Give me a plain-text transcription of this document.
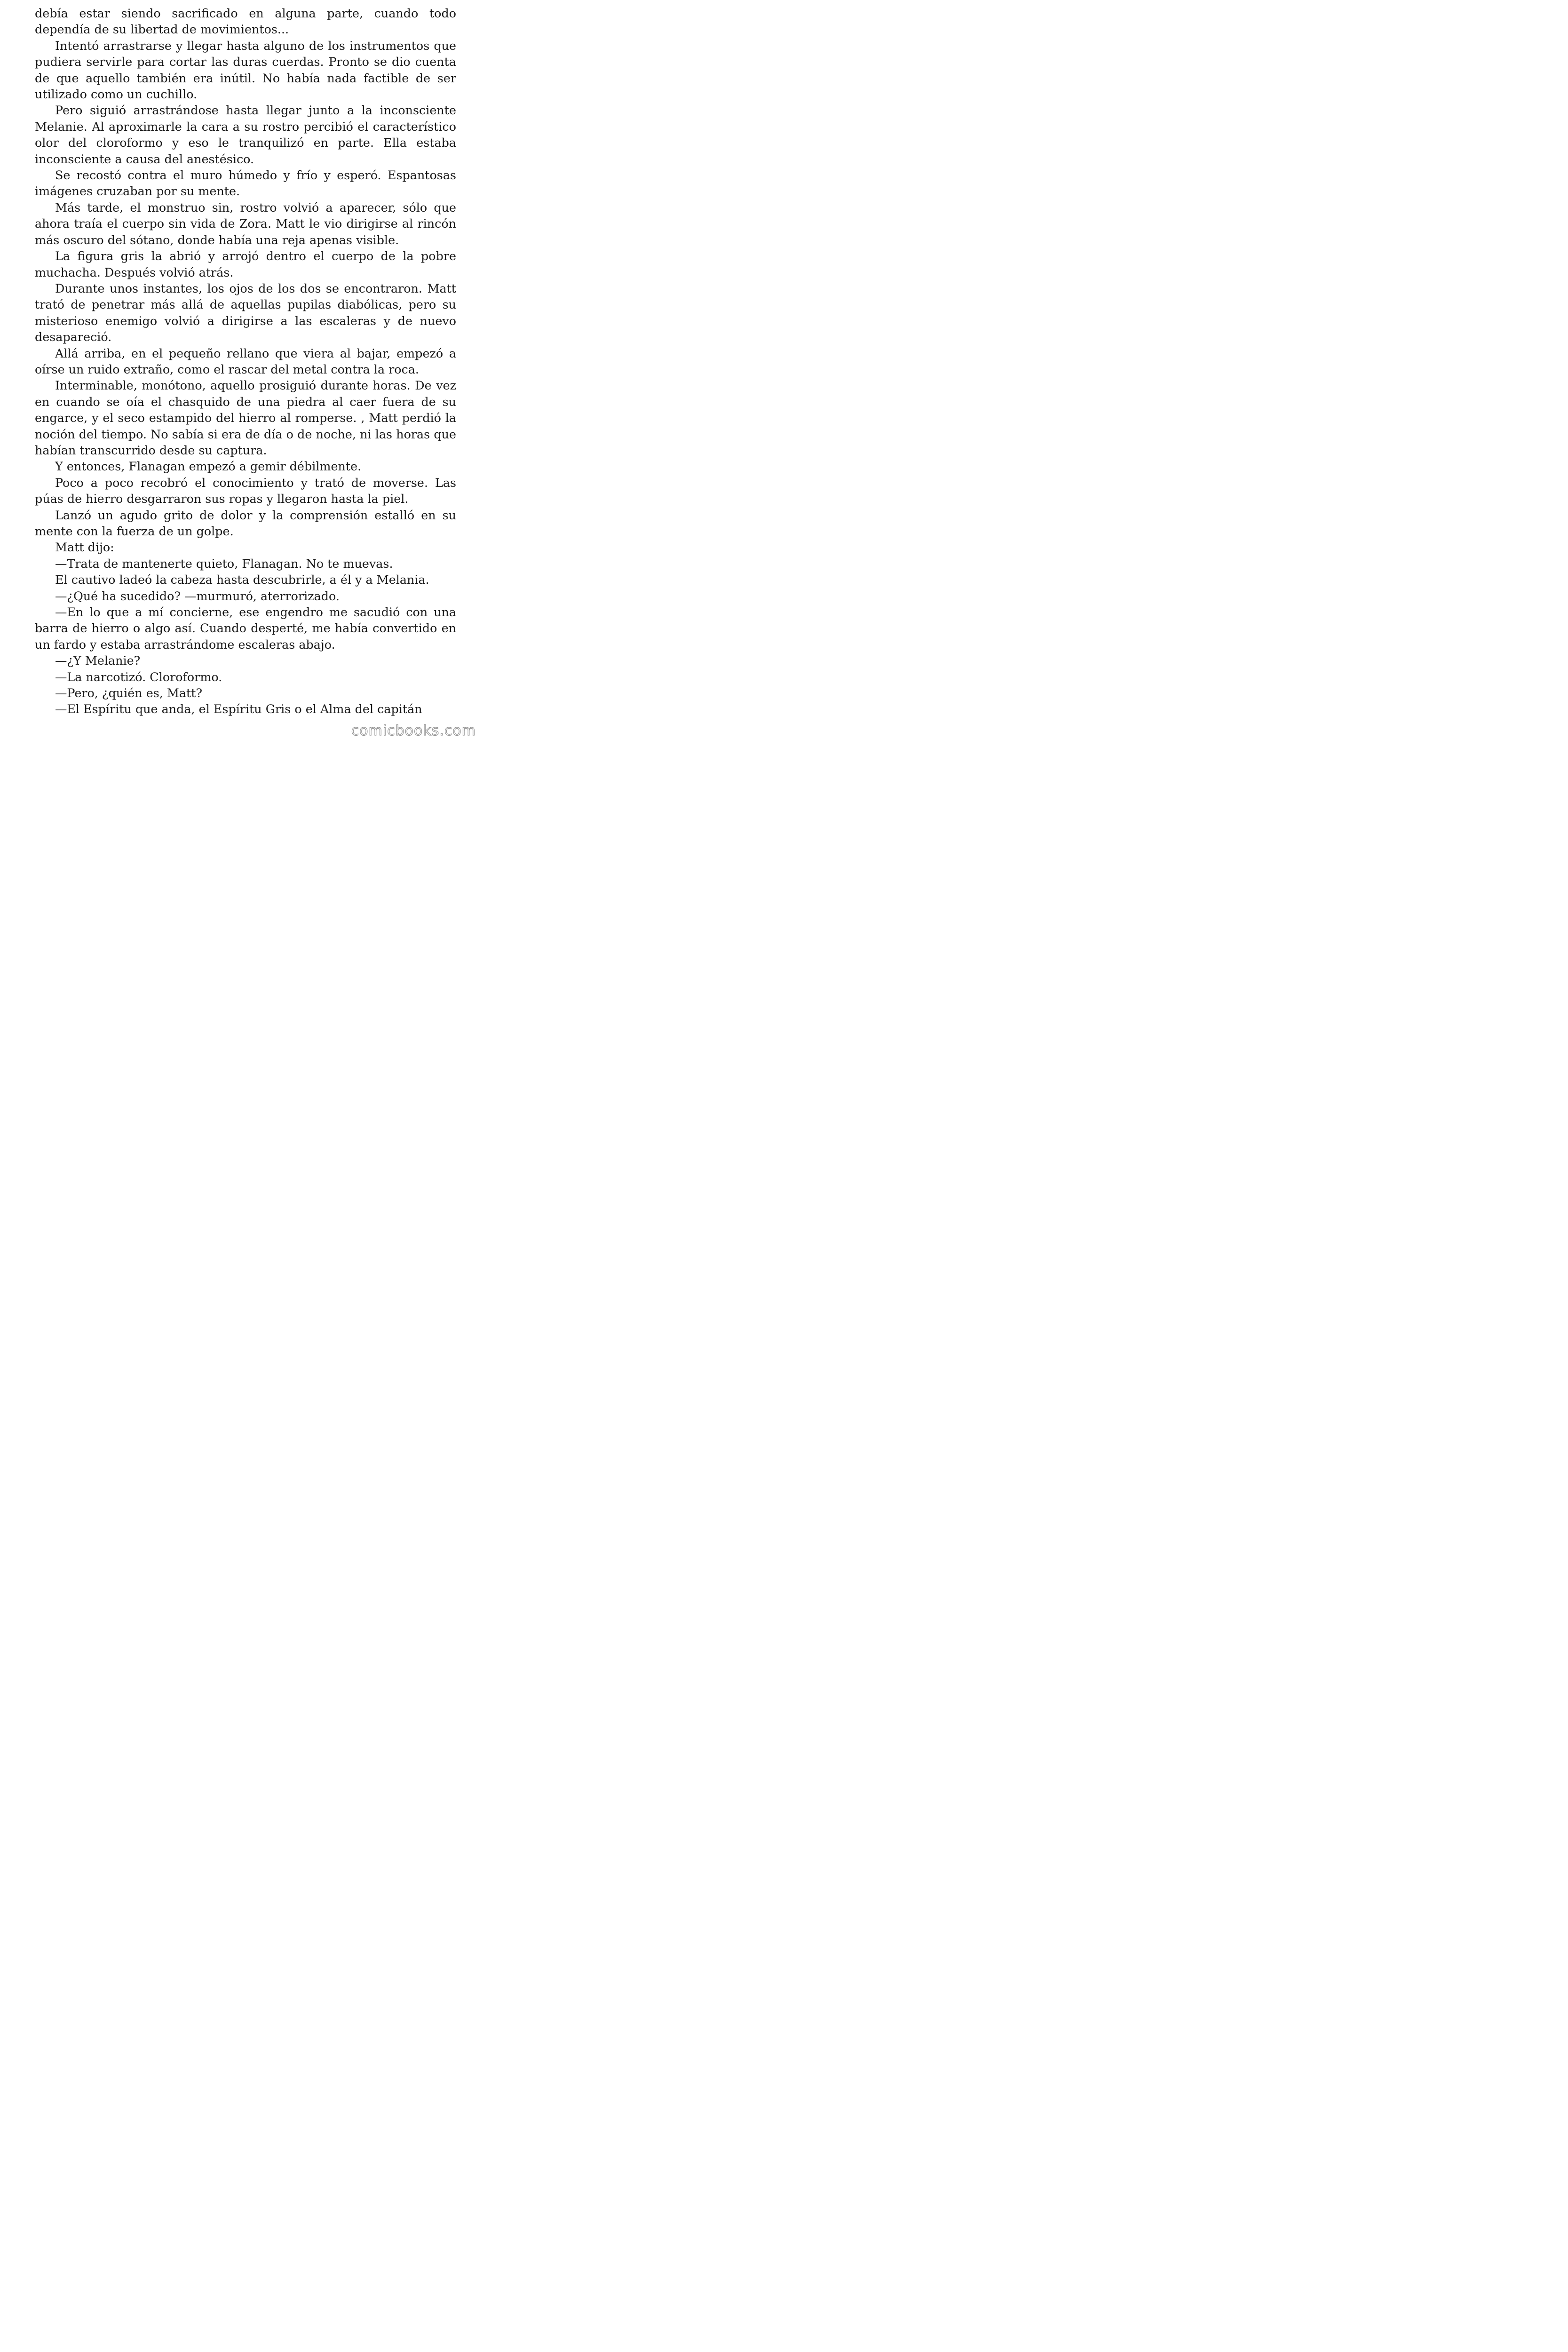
debía estar siendo sacrificado en alguna parte, cuando todo dependía de su libertad de movimientos...

Intentó arrastrarse y llegar hasta alguno de los instrumentos que pudiera servirle para cortar las duras cuerdas. Pronto se dio cuenta de que aquello también era inútil. No había nada factible de ser utilizado como un cuchillo.

Pero siguió arrastrándose hasta llegar junto a la inconsciente Melanie. Al aproximarle la cara a su rostro percibió el característico olor del cloroformo y eso le tranquilizó en parte. Ella estaba inconsciente a causa del anestésico.

Se recostó contra el muro húmedo y frío y esperó. Espantosas imágenes cruzaban por su mente.

Más tarde, el monstruo sin, rostro volvió a aparecer, sólo que ahora traía el cuerpo sin vida de Zora. Matt le vio dirigirse al rincón más oscuro del sótano, donde había una reja apenas visible.

La figura gris la abrió y arrojó dentro el cuerpo de la pobre muchacha. Después volvió atrás.

Durante unos instantes, los ojos de los dos se encontraron. Matt trató de penetrar más allá de aquellas pupilas diabólicas, pero su misterioso enemigo volvió a dirigirse a las escaleras y de nuevo desapareció.

Allá arriba, en el pequeño rellano que viera al bajar, empezó a oírse un ruido extraño, como el rascar del metal contra la roca.

Interminable, monótono, aquello prosiguió durante horas. De vez en cuando se oía el chasquido de una piedra al caer fuera de su engarce, y el seco estampido del hierro al romperse. , Matt perdió la noción del tiempo. No sabía si era de día o de noche, ni las horas que habían transcurrido desde su captura.

Y entonces, Flanagan empezó a gemir débilmente.

Poco a poco recobró el conocimiento y trató de moverse. Las púas de hierro desgarraron sus ropas y llegaron hasta la piel.

Lanzó un agudo grito de dolor y la comprensión estalló en su mente con la fuerza de un golpe.

Matt dijo:

—Trata de mantenerte quieto, Flanagan. No te muevas.

El cautivo ladeó la cabeza hasta descubrirle, a él y a Melania.

—¿Qué ha sucedido? —murmuró, aterrorizado.

—En lo que a mí concierne, ese engendro me sacudió con una barra de hierro o algo así. Cuando desperté, me había convertido en un fardo y estaba arrastrándome escaleras abajo.

—¿Y Melanie?

—La narcotizó. Cloroformo.

—Pero, ¿quién es, Matt?

—El Espíritu que anda, el Espíritu Gris o el Alma del capitán

comicbooks.com
